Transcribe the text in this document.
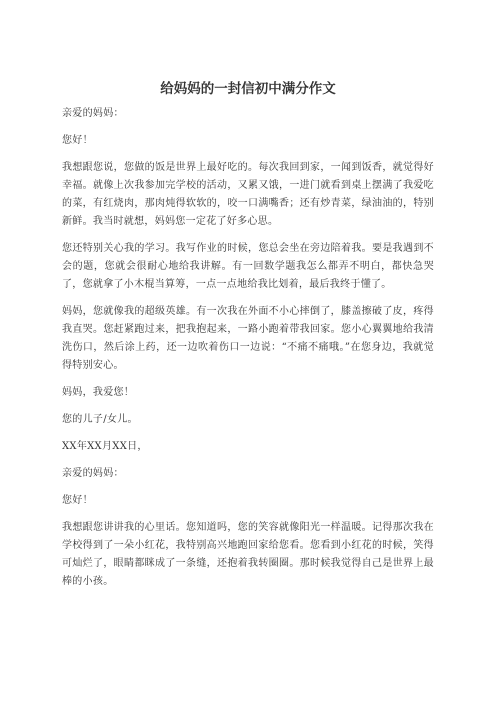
给妈妈的一封信初中满分作文

亲爱的妈妈：

您好！

我想跟您说，您做的饭是世界上最好吃的。每次我回到家，一闻到饭香，就觉得好幸福。就像上次我参加完学校的活动，又累又饿，一进门就看到桌上摆满了我爱吃的菜，有红烧肉，那肉炖得软软的，咬一口满嘴香；还有炒青菜，绿油油的，特别新鲜。我当时就想，妈妈您一定花了好多心思。

您还特别关心我的学习。我写作业的时候，您总会坐在旁边陪着我。要是我遇到不会的题，您就会很耐心地给我讲解。有一回数学题我怎么都弄不明白，都快急哭了，您就拿了小木棍当算筹，一点一点地给我比划着，最后我终于懂了。

妈妈，您就像我的超级英雄。有一次我在外面不小心摔倒了，膝盖擦破了皮，疼得我直哭。您赶紧跑过来，把我抱起来，一路小跑着带我回家。您小心翼翼地给我清洗伤口，然后涂上药，还一边吹着伤口一边说：“不痛不痛哦。”在您身边，我就觉得特别安心。

妈妈，我爱您！

您的儿子/女儿。

XX年XX月XX日，

亲爱的妈妈：

您好！

我想跟您讲讲我的心里话。您知道吗，您的笑容就像阳光一样温暖。记得那次我在学校得到了一朵小红花，我特别高兴地跑回家给您看。您看到小红花的时候，笑得可灿烂了，眼睛都眯成了一条缝，还抱着我转圈圈。那时候我觉得自己是世界上最棒的小孩。
